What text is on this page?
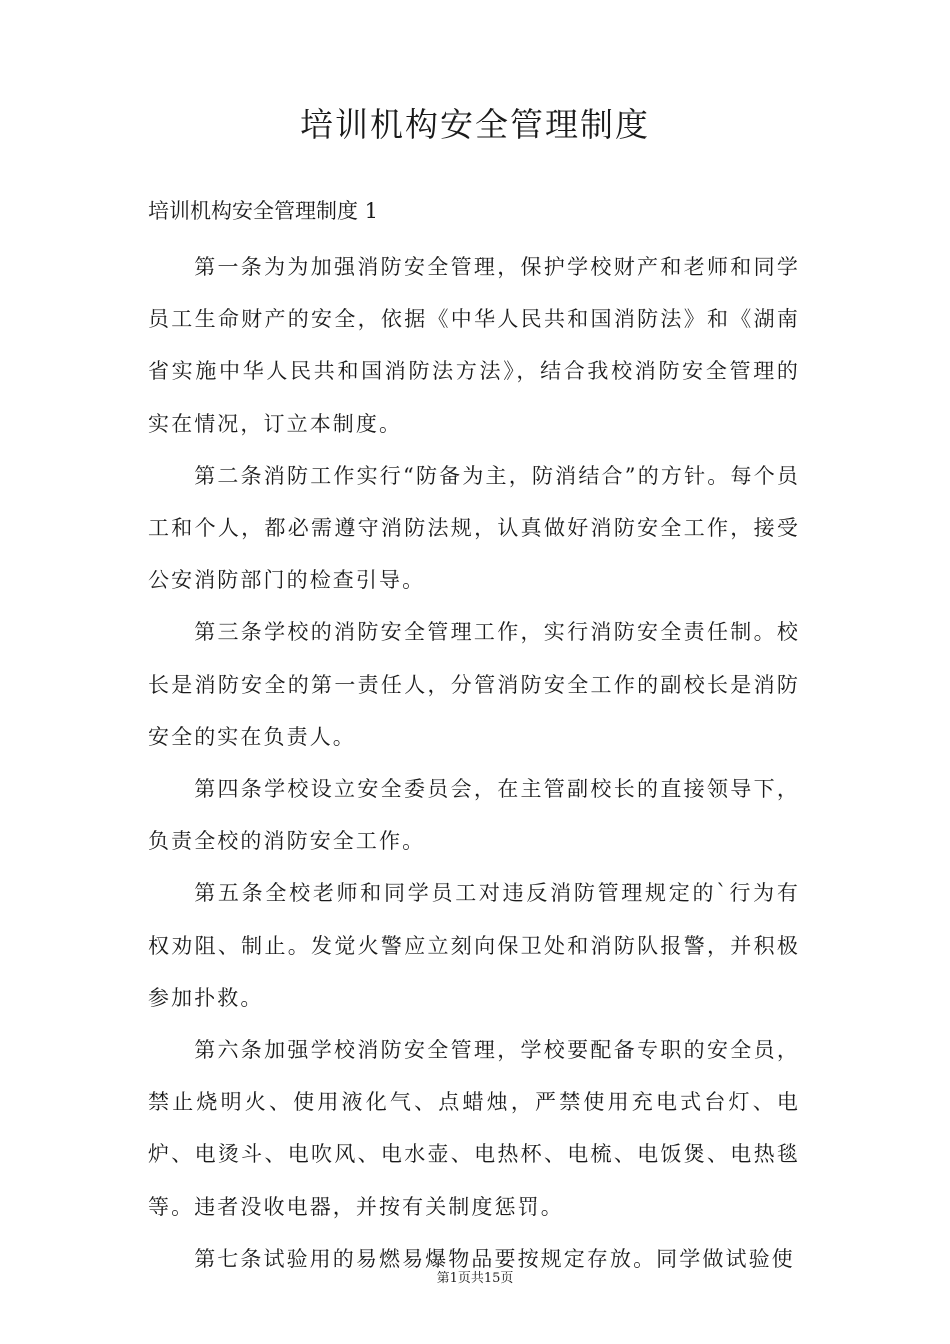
培训机构安全管理制度
培训机构安全管理制度 1

第一条为为加强消防安全管理，保护学校财产和老师和同学员工生命财产的安全，依据《中华人民共和国消防法》和《湖南省实施中华人民共和国消防法方法》，结合我校消防安全管理的实在情况，订立本制度。

第二条消防工作实行“防备为主，防消结合”的方针。每个员工和个人，都必需遵守消防法规，认真做好消防安全工作，接受公安消防部门的检查引导。

第三条学校的消防安全管理工作，实行消防安全责任制。校长是消防安全的第一责任人，分管消防安全工作的副校长是消防安全的实在负责人。

第四条学校设立安全委员会，在主管副校长的直接领导下，负责全校的消防安全工作。

第五条全校老师和同学员工对违反消防管理规定的`行为有权劝阻、制止。发觉火警应立刻向保卫处和消防队报警，并积极参加扑救。

第六条加强学校消防安全管理，学校要配备专职的安全员，禁止烧明火、使用液化气、点蜡烛，严禁使用充电式台灯、电炉、电烫斗、电吹风、电水壶、电热杯、电梳、电饭煲、电热毯等。违者没收电器，并按有关制度惩罚。

第七条试验用的易燃易爆物品要按规定存放。同学做试验使

第1页共15页
